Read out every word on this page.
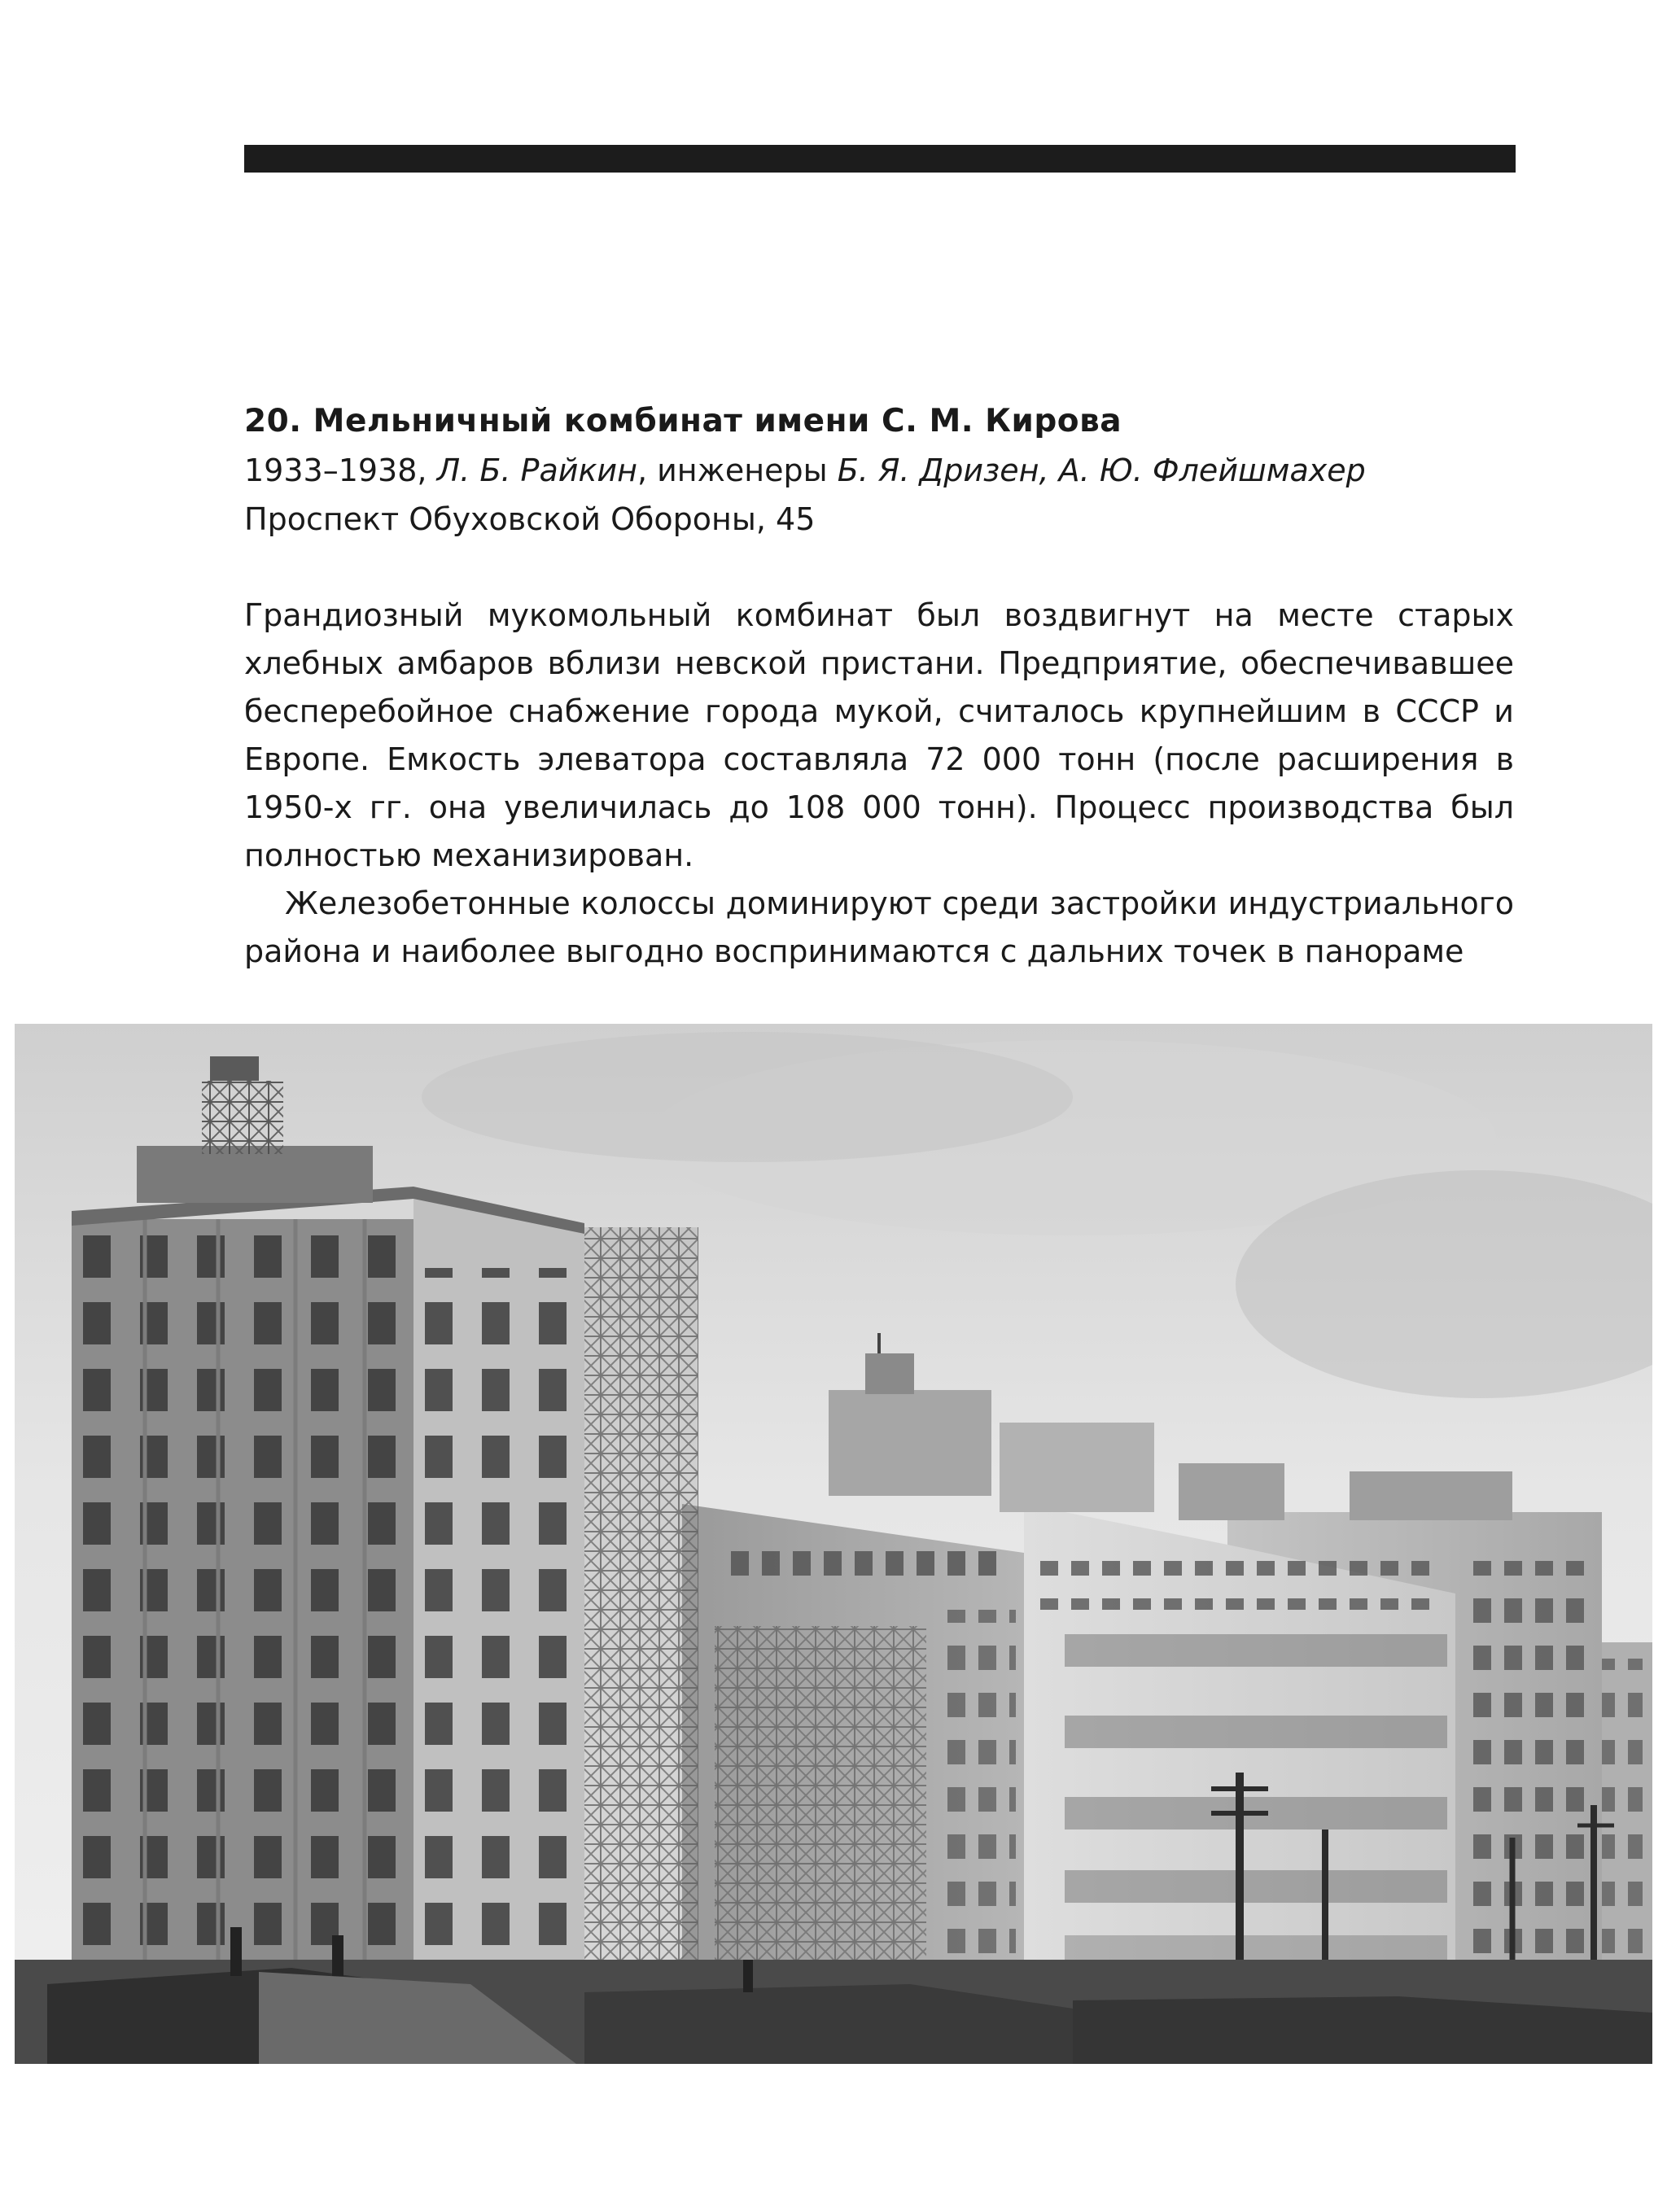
20. Мельничный комбинат имени С. М. Кирова

1933–1938, Л. Б. Райкин, инженеры Б. Я. Дризен, А. Ю. Флейшмахер

Проспект Обуховской Обороны, 45

Грандиозный мукомольный комбинат был воздвигнут на месте старых хлебных амбаров вблизи невской пристани. Предприятие, обеспечивавшее бесперебойное снабжение города мукой, считалось крупнейшим в СССР и Европе. Емкость элеватора составляла 72 000 тонн (после расширения в 1950-х гг. она увеличилась до 108 000 тонн). Процесс производства был полностью механизирован.

Железобетонные колоссы доминируют среди застройки индустриального района и наиболее выгодно воспринимаются с дальних точек в панораме
